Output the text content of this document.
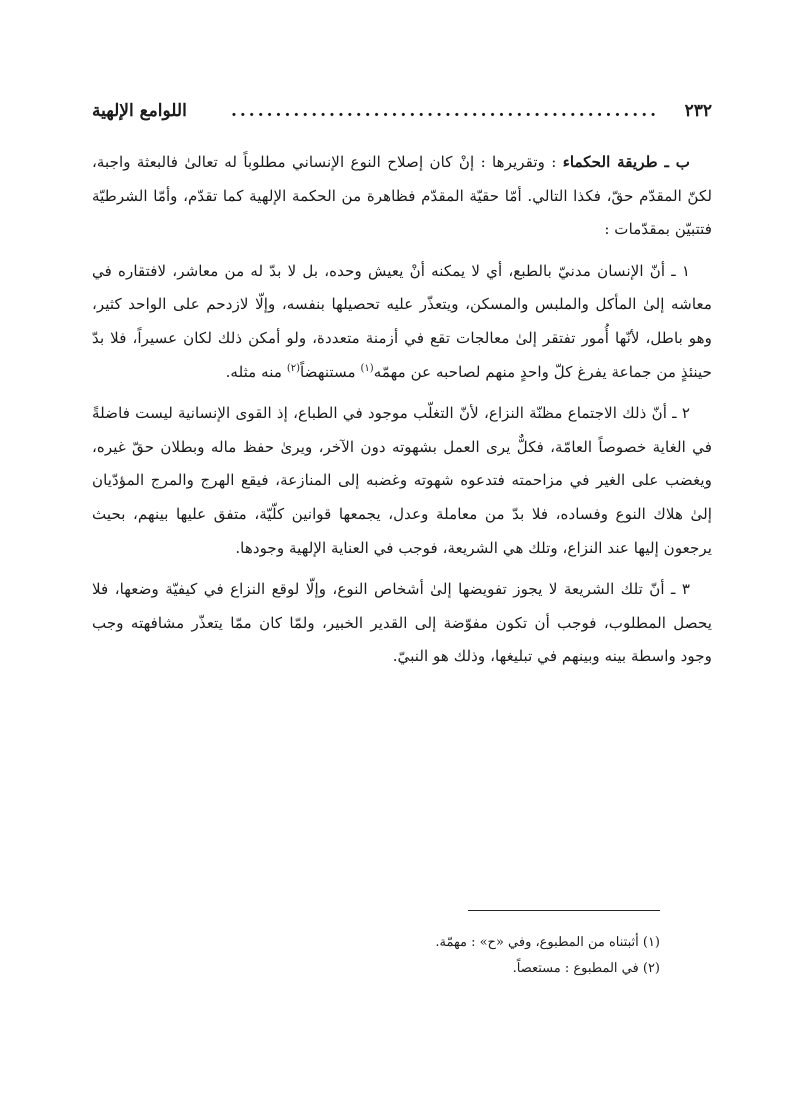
٢٣٢
................................................
اللوامع الإلهية

ب ـ طريقة الحكماء : وتقريرها : إنْ كان إصلاح النوع الإنساني مطلوباً له تعالىٰ فالبعثة واجبة، لكنّ المقدّم حقّ، فكذا التالي. أمّا حقيّة المقدّم فظاهرة من الحكمة الإلهية كما تقدّم، وأمّا الشرطيّة فتتبيّن بمقدّمات :

١ ـ أنّ الإنسان مدنيّ بالطبع، أي لا يمكنه أنْ يعيش وحده، بل لا بدّ له من معاشر، لافتقاره في معاشه إلىٰ المأكل والملبس والمسكن، ويتعذّر عليه تحصيلها بنفسه، وإلّا لازدحم على الواحد كثير، وهو باطل، لأنّها أُمور تفتقر إلىٰ معالجات تقع في أزمنة متعددة، ولو أمكن ذلك لكان عسيراً، فلا بدّ حينئذٍ من جماعة يفرغ كلّ واحدٍ منهم لصاحبه عن مهمّه$^{(١)}$ مستنهضاً$^{(٢)}$ منه مثله.

٢ ـ أنّ ذلك الاجتماع مظنّة النزاع، لأنّ التغلّب موجود في الطباع، إذ القوى الإنسانية ليست فاضلةً في الغاية خصوصاً العامّة، فكلٌّ يرى العمل بشهوته دون الآخر، ويرىٰ حفظ ماله وبطلان حقّ غيره، ويغضب على الغير في مزاحمته فتدعوه شهوته وغضبه إلى المنازعة، فيقع الهرج والمرج المؤدّيان إلىٰ هلاك النوع وفساده، فلا بدّ من معاملة وعدل، يجمعها قوانين كلّيّة، متفق عليها بينهم، بحيث يرجعون إليها عند النزاع، وتلك هي الشريعة، فوجب في العناية الإلهية وجودها.

٣ ـ أنّ تلك الشريعة لا يجوز تفويضها إلىٰ أشخاص النوع، وإلّا لوقع النزاع في كيفيّة وضعها، فلا يحصل المطلوب، فوجب أن تكون مفوّضة إلى القدير الخبير، ولمّا كان ممّا يتعذّر مشافهته وجب وجود واسطة بينه وبينهم في تبليغها، وذلك هو النبيّ.

(١) أثبتناه من المطبوع، وفي «ح» : مهمّة.

(٢) في المطبوع : مستعصاً.
